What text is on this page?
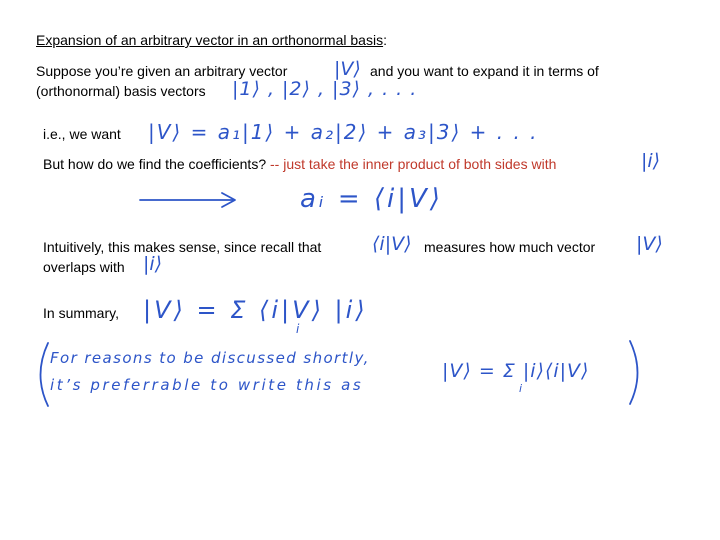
Expansion of an arbitrary vector in an orthonormal basis:
Suppose you’re given an arbitrary vector |V⟩ and you want to expand it in terms of
(orthonormal) basis vectors |1⟩ , |2⟩ , |3⟩ , . . .
i.e., we want |V⟩ = a₁|1⟩ + a₂|2⟩ + a₃|3⟩ + . . .
But how do we find the coefficients? -- just take the inner product of both sides with	|i⟩
aᵢ = ⟨i|V⟩
Intuitively, this makes sense, since recall that	⟨i|V⟩ measures how much vector |V⟩
overlaps with |i⟩
In summary, |V⟩ = Σ ⟨i|V⟩ |i⟩
i
For reasons to be discussed shortly,
it’s preferrable to write this as
|V⟩ = Σ |i⟩⟨i|V⟩
i
